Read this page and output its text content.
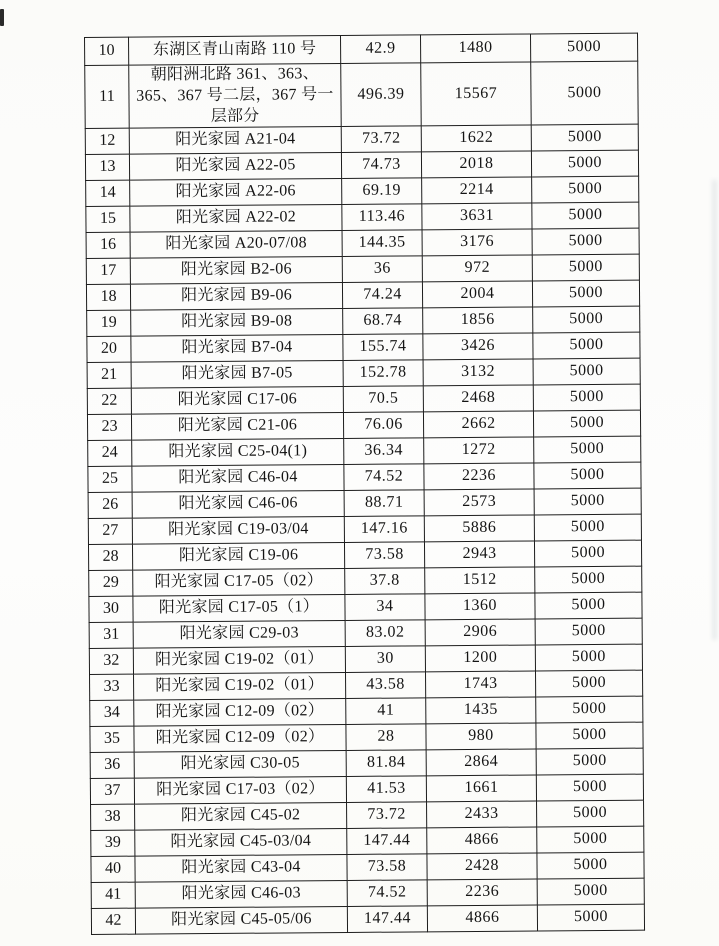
10	东湖区青山南路 110 号	42.9	1480	5000
11	朝阳洲北路 361、363、365、367 号二层，367 号一层部分	496.39	15567	5000
12	阳光家园 A21-04	73.72	1622	5000
13	阳光家园 A22-05	74.73	2018	5000
14	阳光家园 A22-06	69.19	2214	5000
15	阳光家园 A22-02	113.46	3631	5000
16	阳光家园 A20-07/08	144.35	3176	5000
17	阳光家园 B2-06	36	972	5000
18	阳光家园 B9-06	74.24	2004	5000
19	阳光家园 B9-08	68.74	1856	5000
20	阳光家园 B7-04	155.74	3426	5000
21	阳光家园 B7-05	152.78	3132	5000
22	阳光家园 C17-06	70.5	2468	5000
23	阳光家园 C21-06	76.06	2662	5000
24	阳光家园 C25-04(1)	36.34	1272	5000
25	阳光家园 C46-04	74.52	2236	5000
26	阳光家园 C46-06	88.71	2573	5000
27	阳光家园 C19-03/04	147.16	5886	5000
28	阳光家园 C19-06	73.58	2943	5000
29	阳光家园 C17-05（02）	37.8	1512	5000
30	阳光家园 C17-05（1）	34	1360	5000
31	阳光家园 C29-03	83.02	2906	5000
32	阳光家园 C19-02（01）	30	1200	5000
33	阳光家园 C19-02（01）	43.58	1743	5000
34	阳光家园 C12-09（02）	41	1435	5000
35	阳光家园 C12-09（02）	28	980	5000
36	阳光家园 C30-05	81.84	2864	5000
37	阳光家园 C17-03（02）	41.53	1661	5000
38	阳光家园 C45-02	73.72	2433	5000
39	阳光家园 C45-03/04	147.44	4866	5000
40	阳光家园 C43-04	73.58	2428	5000
41	阳光家园 C46-03	74.52	2236	5000
42	阳光家园 C45-05/06	147.44	4866	5000
